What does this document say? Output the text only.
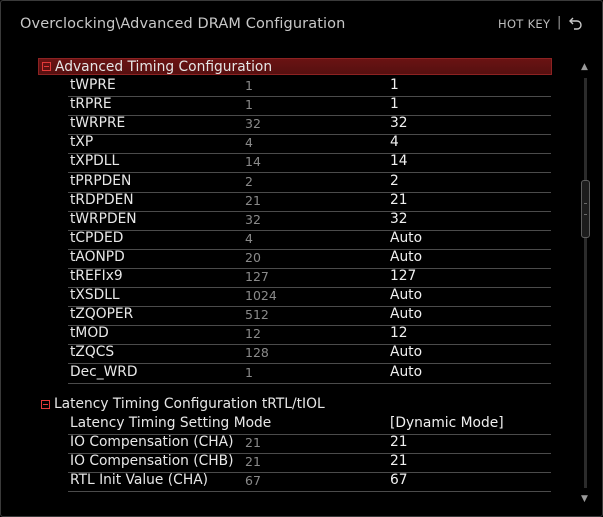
Overclocking\Advanced DRAM Configuration	HOT KEY |
Advanced Timing Configuration
tWPRE	1	1
tRPRE	1	1
tWRPRE	32	32
tXP	4	4
tXPDLL	14	14
tPRPDEN	2	2
tRDPDEN	21	21
tWRPDEN	32	32
tCPDED	4	Auto
tAONPD	20	Auto
tREFIx9	127	127
tXSDLL	1024	Auto
tZQOPER	512	Auto
tMOD	12	12
tZQCS	128	Auto
Dec_WRD	1	Auto
Latency Timing Configuration tRTL/tIOL
Latency Timing Setting Mode	[Dynamic Mode]
IO Compensation (CHA) 21	21
IO Compensation (CHB) 21	21
RTL Init Value (CHA)	67	67
▲
▼
